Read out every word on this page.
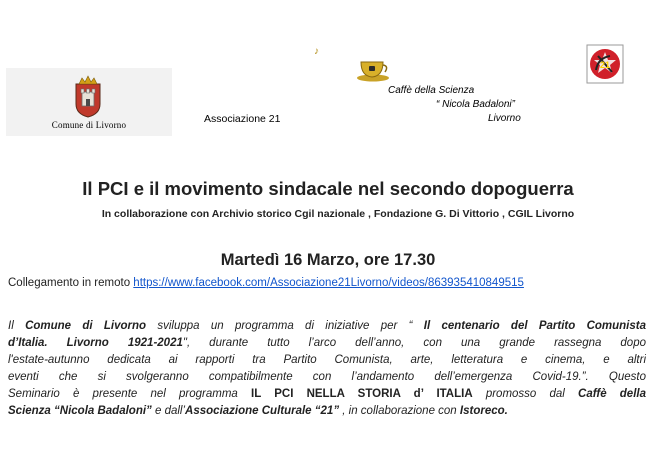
Comune di Livorno	Associazione 21
♪
Caffè della Scienza
“ Nicola Badaloni”
Livorno
21
Il PCI e il movimento sindacale nel secondo dopoguerra
In collaborazione con Archivio storico Cgil nazionale , Fondazione G. Di Vittorio , CGIL Livorno
Martedì 16 Marzo, ore 17.30
Collegamento in remoto https://www.facebook.com/Associazione21Livorno/videos/863935410849515
Il Comune di Livorno sviluppa un programma di iniziative per “ Il centenario del Partito Comunista
d’Italia. Livorno 1921-2021", durante tutto l’arco dell’anno, con una grande rassegna dopo
l'estate-autunno dedicata ai rapporti tra Partito Comunista, arte, letteratura e cinema, e altri
eventi che si svolgeranno compatibilmente con l’andamento dell’emergenza Covid-19.”. Questo
Seminario è presente nel programma IL PCI NELLA STORIA d’ ITALIA promosso dal Caffè della
Scienza “Nicola Badaloni” e dall’Associazione Culturale “21” , in collaborazione con Istoreco.
